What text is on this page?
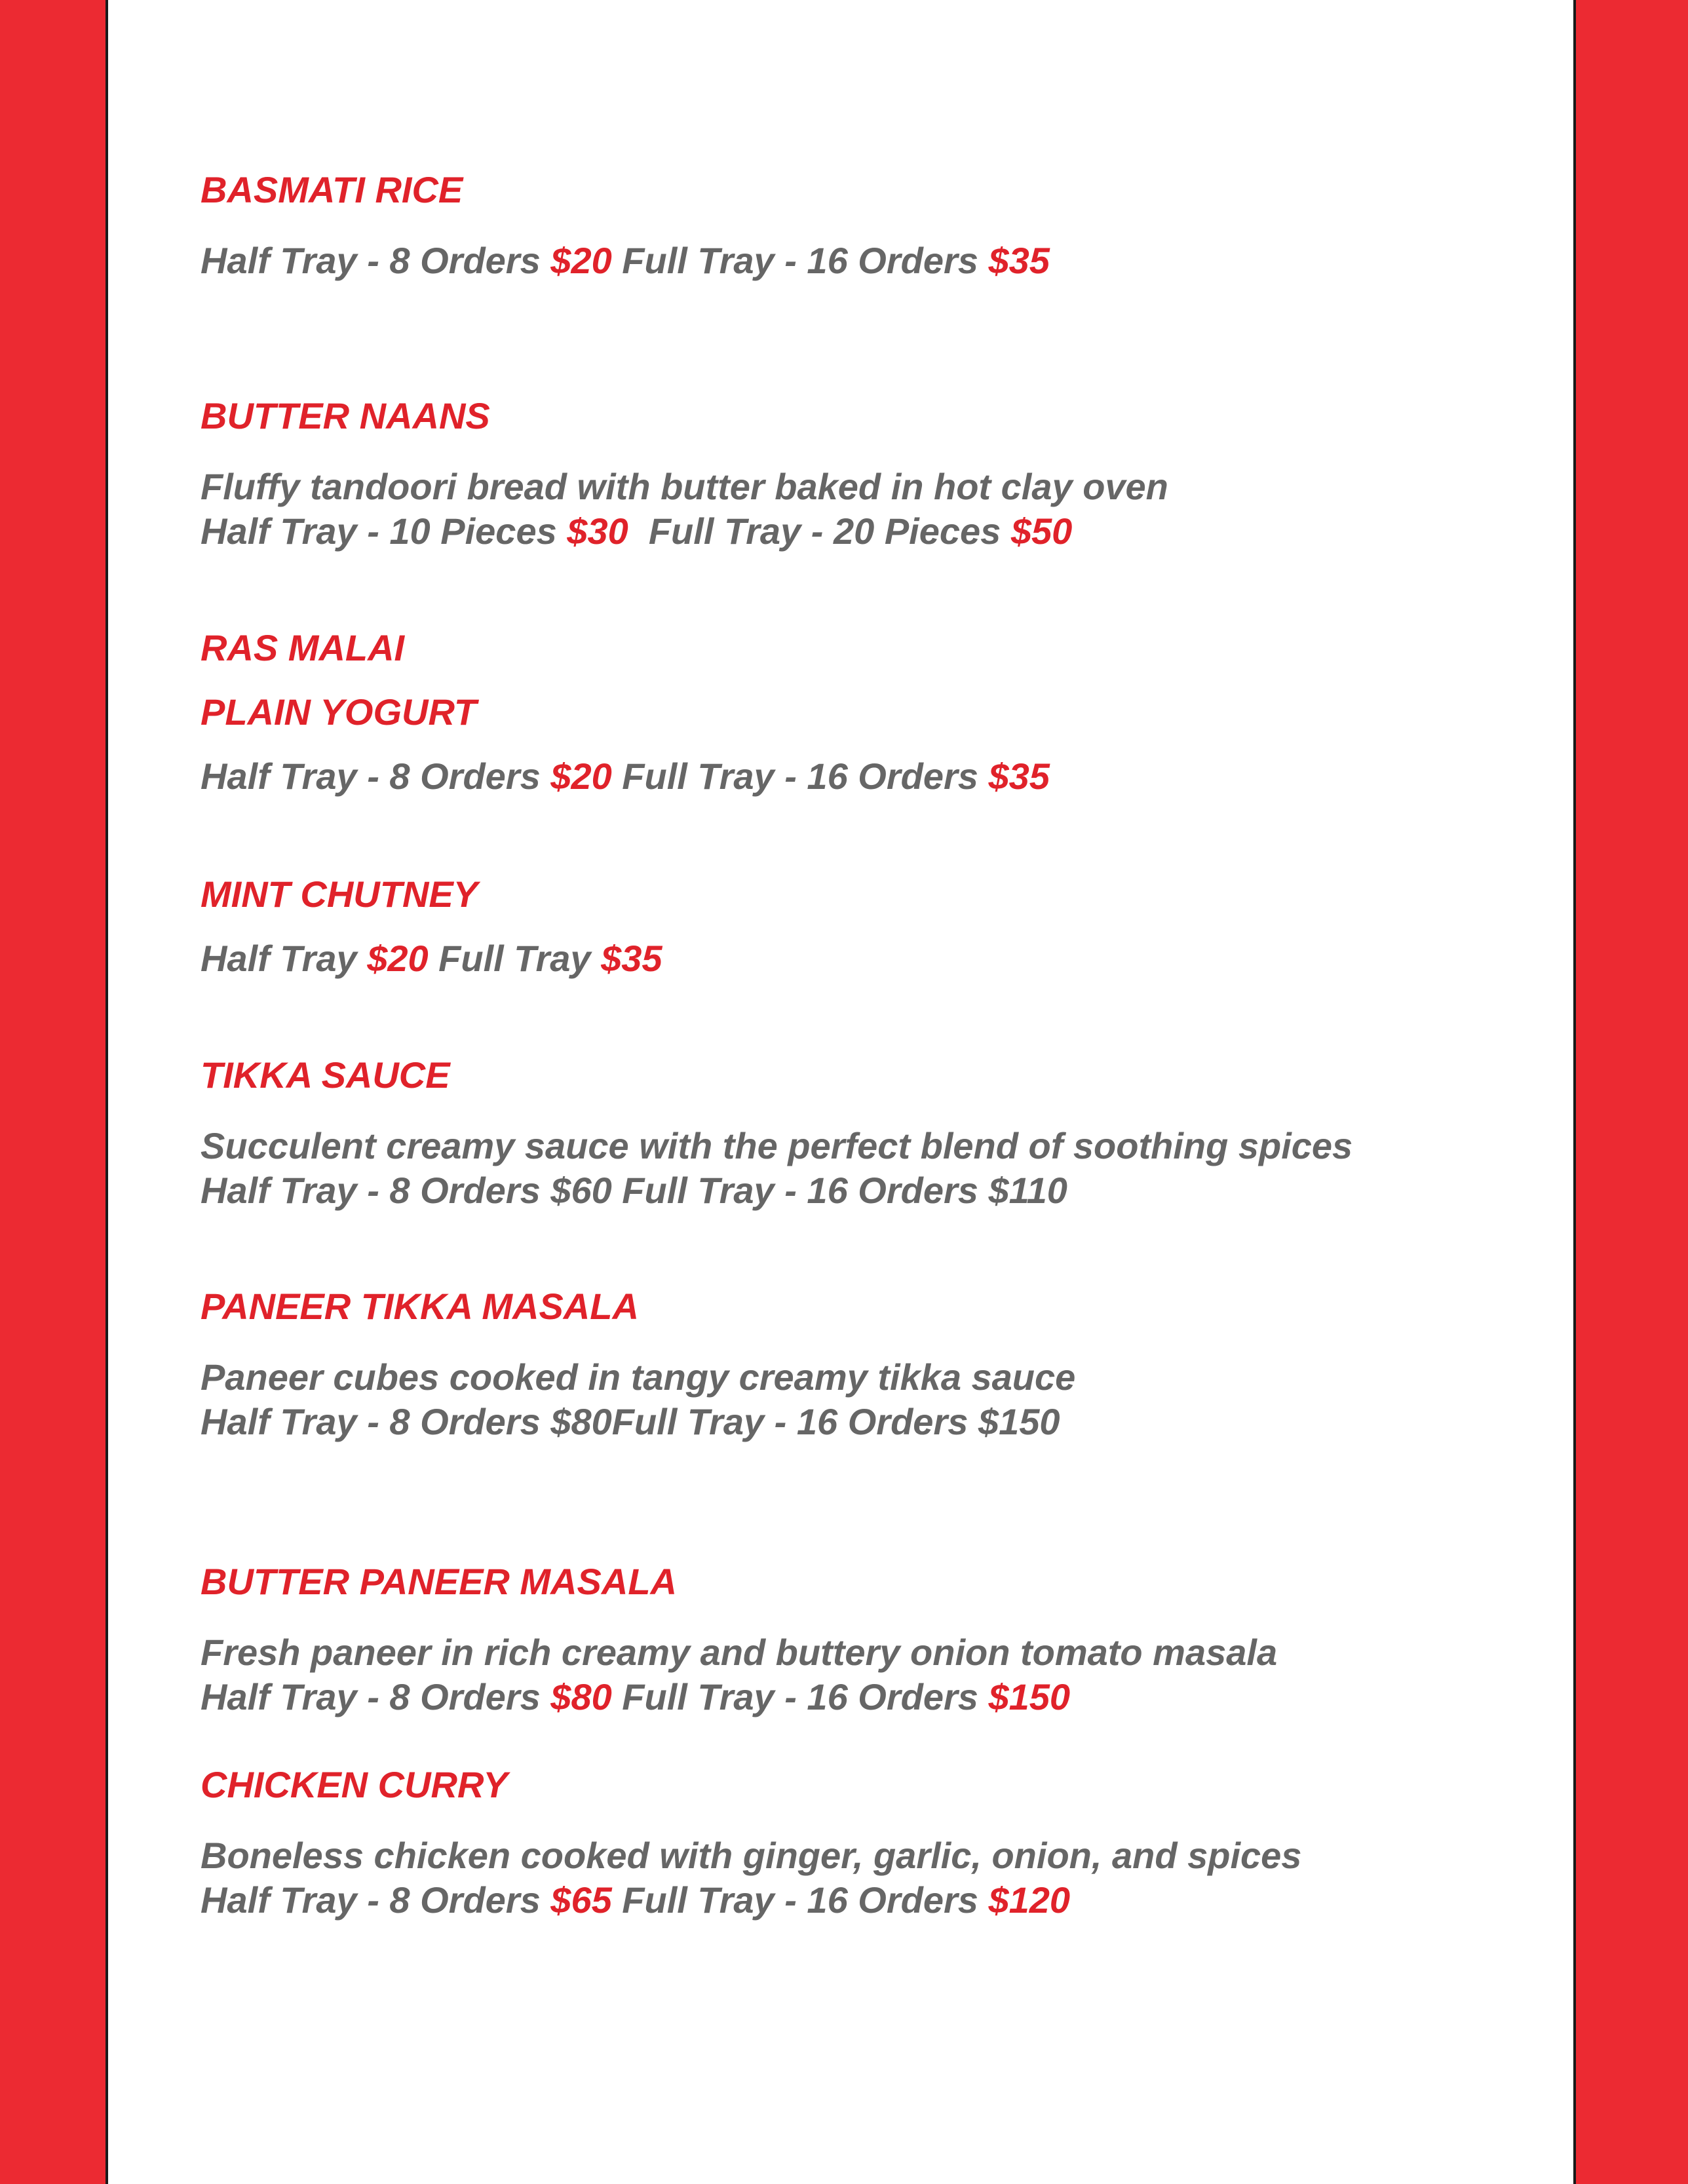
BASMATI RICE
Half Tray - 8 Orders $20 Full Tray - 16 Orders $35
BUTTER NAANS
Fluffy tandoori bread with butter baked in hot clay oven
Half Tray - 10 Pieces $30  Full Tray - 20 Pieces $50
RAS MALAI
PLAIN YOGURT
Half Tray - 8 Orders $20 Full Tray - 16 Orders $35
MINT CHUTNEY
Half Tray $20 Full Tray $35
TIKKA SAUCE
Succulent creamy sauce with the perfect blend of soothing spices
Half Tray - 8 Orders $60 Full Tray - 16 Orders $110
PANEER TIKKA MASALA
Paneer cubes cooked in tangy creamy tikka sauce
Half Tray - 8 Orders $80Full Tray - 16 Orders $150
BUTTER PANEER MASALA
Fresh paneer in rich creamy and buttery onion tomato masala
Half Tray - 8 Orders $80 Full Tray - 16 Orders $150
CHICKEN CURRY
Boneless chicken cooked with ginger, garlic, onion, and spices
Half Tray - 8 Orders $65 Full Tray - 16 Orders $120
